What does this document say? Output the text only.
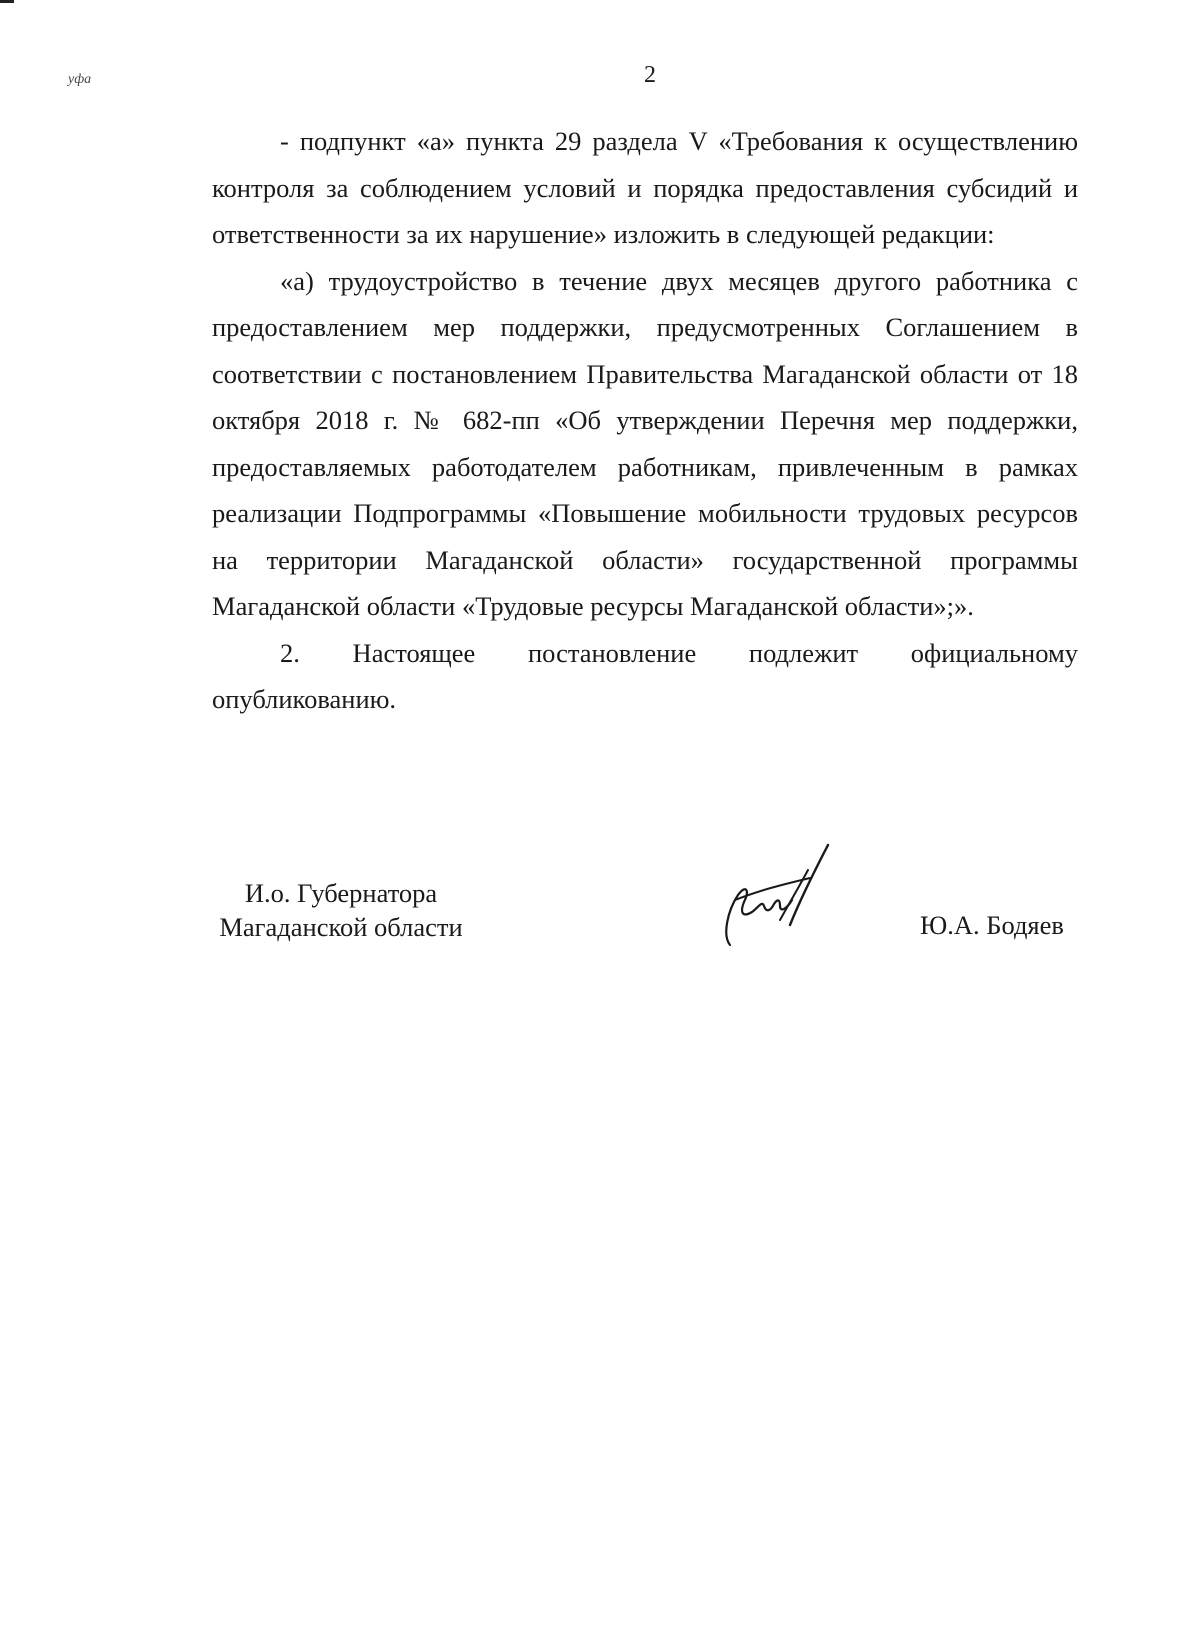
уфа	2

- подпункт «а» пункта 29 раздела V «Требования к осуществлению контроля за соблюдением условий и порядка предоставления субсидий и ответственности за их нарушение» изложить в следующей редакции:

«а) трудоустройство в течение двух месяцев другого работника с предоставлением мер поддержки, предусмотренных Соглашением в соответствии с постановлением Правительства Магаданской области от 18 октября 2018 г. № 682-пп «Об утверждении Перечня мер поддержки, предоставляемых работодателем работникам, привлеченным в рамках реализации Подпрограммы «Повышение мобильности трудовых ресурсов на территории Магаданской области» государственной программы Магаданской области «Трудовые ресурсы Магаданской области»;».

2. Настоящее постановление подлежит официальному опубликованию.

И.о. Губернатора
Магаданской области	Ю.А. Бодяев
